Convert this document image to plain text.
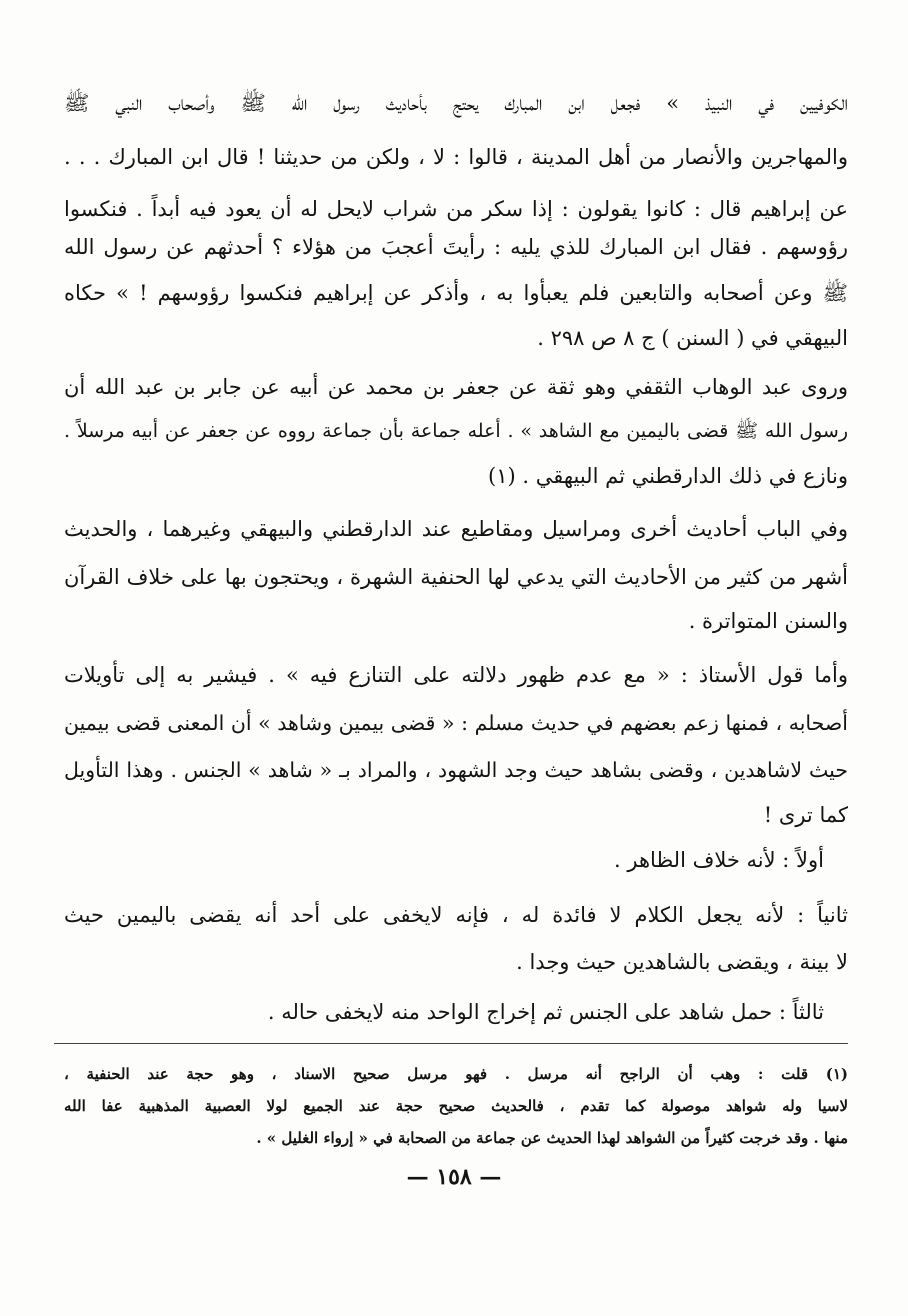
الكوفيين في النبيذ » فجعل ابن المبارك يحتج بأحاديث رسول الله ﷺ وأصحاب النبي ﷺ
والمهاجرين والأنصار من أهل المدينة ، قالوا : لا ، ولكن من حديثنا ! قال ابن المبارك . . .
عن إبراهيم قال : كانوا يقولون : إذا سكر من شراب لايحل له أن يعود فيه أبداً . فنكسوا
رؤوسهم . فقال ابن المبارك للذي يليه : رأيتَ أعجبَ من هؤلاء ؟ أحدثهم عن رسول الله
ﷺ وعن أصحابه والتابعين فلم يعبأوا به ، وأذكر عن إبراهيم فنكسوا رؤوسهم ! » حكاه
البيهقي في ( السنن ) ج ٨ ص ٢٩٨ .
وروى عبد الوهاب الثقفي وهو ثقة عن جعفر بن محمد عن أبيه عن جابر بن عبد الله أن
رسول الله ﷺ قضى باليمين مع الشاهد » . أعله جماعة بأن جماعة رووه عن جعفر عن أبيه مرسلاً .
ونازع في ذلك الدارقطني ثم البيهقي . (١)
وفي الباب أحاديث أخرى ومراسيل ومقاطيع عند الدارقطني والبيهقي وغيرهما ، والحديث
أشهر من كثير من الأحاديث التي يدعي لها الحنفية الشهرة ، ويحتجون بها على خلاف القرآن
والسنن المتواترة .
وأما قول الأستاذ : « مع عدم ظهور دلالته على التنازع فيه » . فيشير به إلى تأويلات
أصحابه ، فمنها زعم بعضهم في حديث مسلم : « قضى بيمين وشاهد » أن المعنى قضى بيمين
حيث لاشاهدين ، وقضى بشاهد حيث وجد الشهود ، والمراد بـ « شاهد » الجنس . وهذا التأويل
كما ترى !
أولاً : لأنه خلاف الظاهر .
ثانياً : لأنه يجعل الكلام لا فائدة له ، فإنه لايخفى على أحد أنه يقضى باليمين حيث
لا بينة ، ويقضى بالشاهدين حيث وجدا .
ثالثاً : حمل شاهد على الجنس ثم إخراج الواحد منه لايخفى حاله .
(١) قلت : وهب أن الراجح أنه مرسل . فهو مرسل صحيح الاسناد ، وهو حجة عند الحنفية ،
لاسيا وله شواهد موصولة كما تقدم ، فالحديث صحيح حجة عند الجميع لولا العصبية المذهبية عفا الله
منها . وقد خرجت كثيراً من الشواهد لهذا الحديث عن جماعة من الصحابة في « إرواء الغليل » .
— ١٥٨ —
